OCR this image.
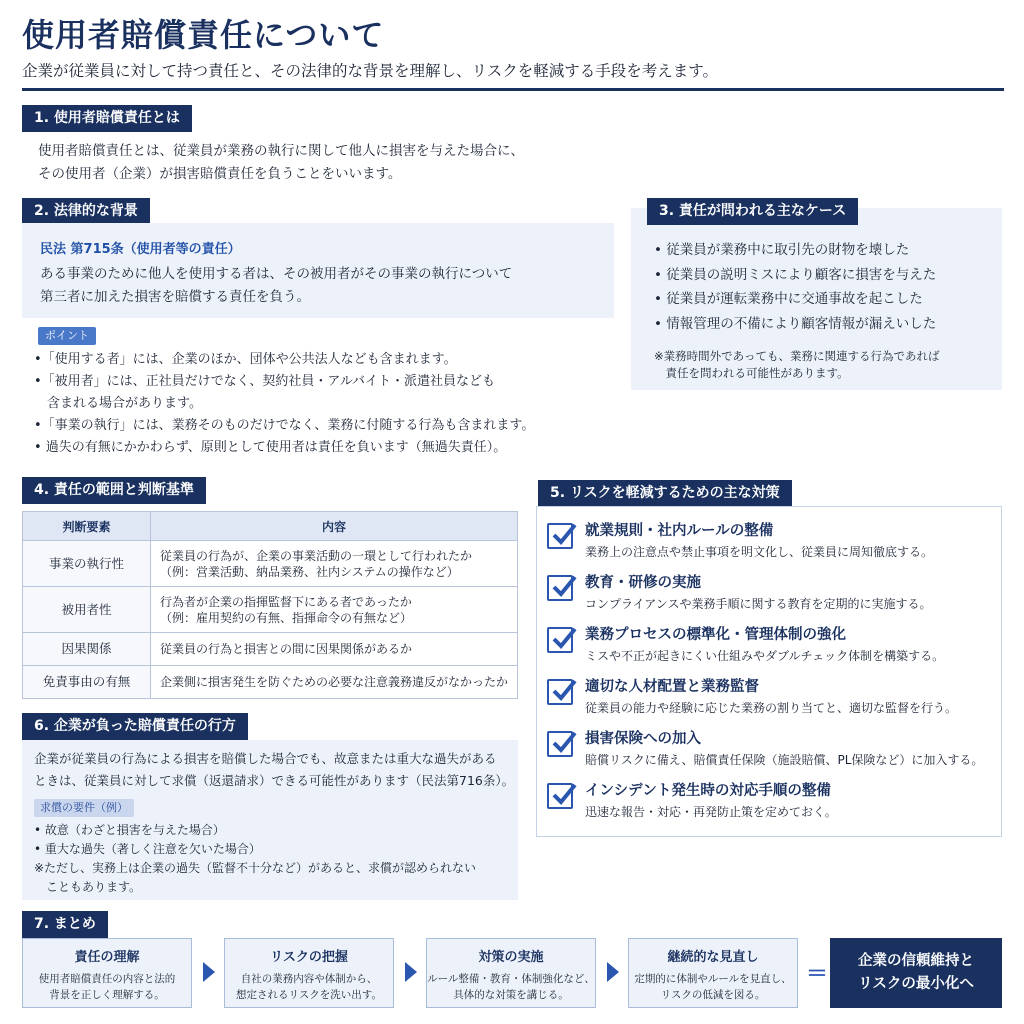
使用者賠償責任について
企業が従業員に対して持つ責任と、その法律的な背景を理解し、リスクを軽減する手段を考えます。
1. 使用者賠償責任とは
使用者賠償責任とは、従業員が業務の執行に関して他人に損害を与えた場合に、
その使用者（企業）が損害賠償責任を負うことをいいます。
2. 法律的な背景
民法 第715条（使用者等の責任）
ある事業のために他人を使用する者は、その被用者がその事業の執行について
第三者に加えた損害を賠償する責任を負う。
ポイント
•「使用する者」には、企業のほか、団体や公共法人なども含まれます。
•「被用者」には、正社員だけでなく、契約社員・アルバイト・派遣社員なども
　含まれる場合があります。
•「事業の執行」には、業務そのものだけでなく、業務に付随する行為も含まれます。
• 過失の有無にかかわらず、原則として使用者は責任を負います（無過失責任）。
3. 責任が問われる主なケース
• 従業員が業務中に取引先の財物を壊した
• 従業員の説明ミスにより顧客に損害を与えた
• 従業員が運転業務中に交通事故を起こした
• 情報管理の不備により顧客情報が漏えいした
※業務時間外であっても、業務に関連する行為であれば
　責任を問われる可能性があります。
4. 責任の範囲と判断基準
判断要素	内容
事業の執行性	従業員の行為が、企業の事業活動の一環として行われたか
（例：営業活動、納品業務、社内システムの操作など）

被用者性	行為者が企業の指揮監督下にある者であったか
（例：雇用契約の有無、指揮命令の有無など）

因果関係	従業員の行為と損害との間に因果関係があるか
免責事由の有無	企業側に損害発生を防ぐための必要な注意義務違反がなかったか
5. リスクを軽減するための主な対策
就業規則・社内ルールの整備
業務上の注意点や禁止事項を明文化し、従業員に周知徹底する。
教育・研修の実施
コンプライアンスや業務手順に関する教育を定期的に実施する。
業務プロセスの標準化・管理体制の強化
ミスや不正が起きにくい仕組みやダブルチェック体制を構築する。
適切な人材配置と業務監督
従業員の能力や経験に応じた業務の割り当てと、適切な監督を行う。
損害保険への加入
賠償リスクに備え、賠償責任保険（施設賠償、PL保険など）に加入する。
インシデント発生時の対応手順の整備
迅速な報告・対応・再発防止策を定めておく。
6. 企業が負った賠償責任の行方
企業が従業員の行為による損害を賠償した場合でも、故意または重大な過失がある
ときは、従業員に対して求償（返還請求）できる可能性があります（民法第716条）。
求償の要件（例）
• 故意（わざと損害を与えた場合）
• 重大な過失（著しく注意を欠いた場合）
※ただし、実務上は企業の過失（監督不十分など）があると、求償が認められない
　こともあります。
7. まとめ
責任の理解
使用者賠償責任の内容と法的
背景を正しく理解する。
リスクの把握
自社の業務内容や体制から、
想定されるリスクを洗い出す。
対策の実施
ルール整備・教育・体制強化など、
具体的な対策を講じる。
継続的な見直し
定期的に体制やルールを見直し、
リスクの低減を図る。
＝
企業の信頼維持と
リスクの最小化へ
